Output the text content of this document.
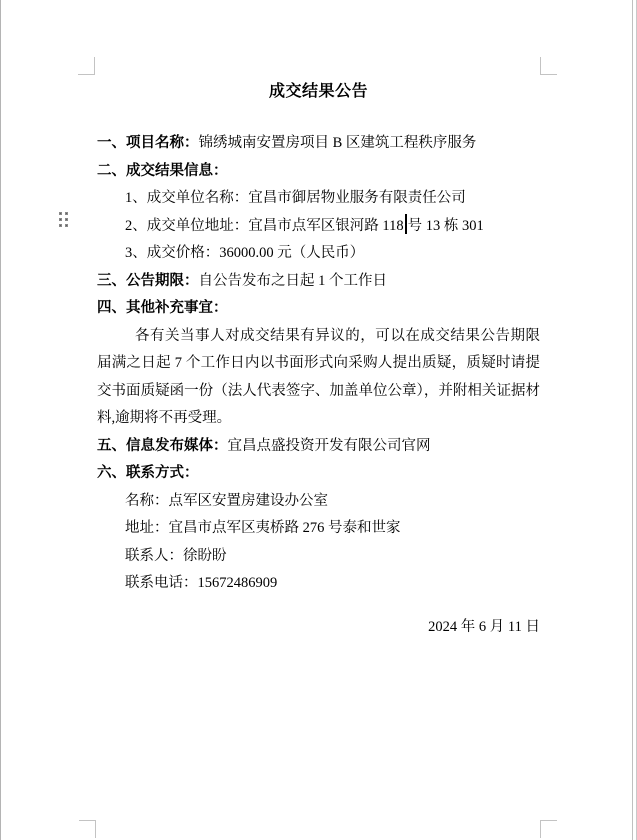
成交结果公告

一、项目名称：锦绣城南安置房项目 B 区建筑工程秩序服务

二、成交结果信息：

1、成交单位名称：宜昌市御居物业服务有限责任公司

2、成交单位地址：宜昌市点军区银河路 118 号 13 栋 301

3、成交价格：36000.00 元（人民币）

三、公告期限：自公告发布之日起 1 个工作日

四、其他补充事宜：

各有关当事人对成交结果有异议的，可以在成交结果公告期限届满之日起 7 个工作日内以书面形式向采购人提出质疑，质疑时请提交书面质疑函一份（法人代表签字、加盖单位公章），并附相关证据材料,逾期将不再受理。

五、信息发布媒体：宜昌点盛投资开发有限公司官网

六、联系方式：

名称：点军区安置房建设办公室

地址：宜昌市点军区夷桥路 276 号泰和世家

联系人：徐盼盼

联系电话：15672486909

2024 年 6 月 11 日
